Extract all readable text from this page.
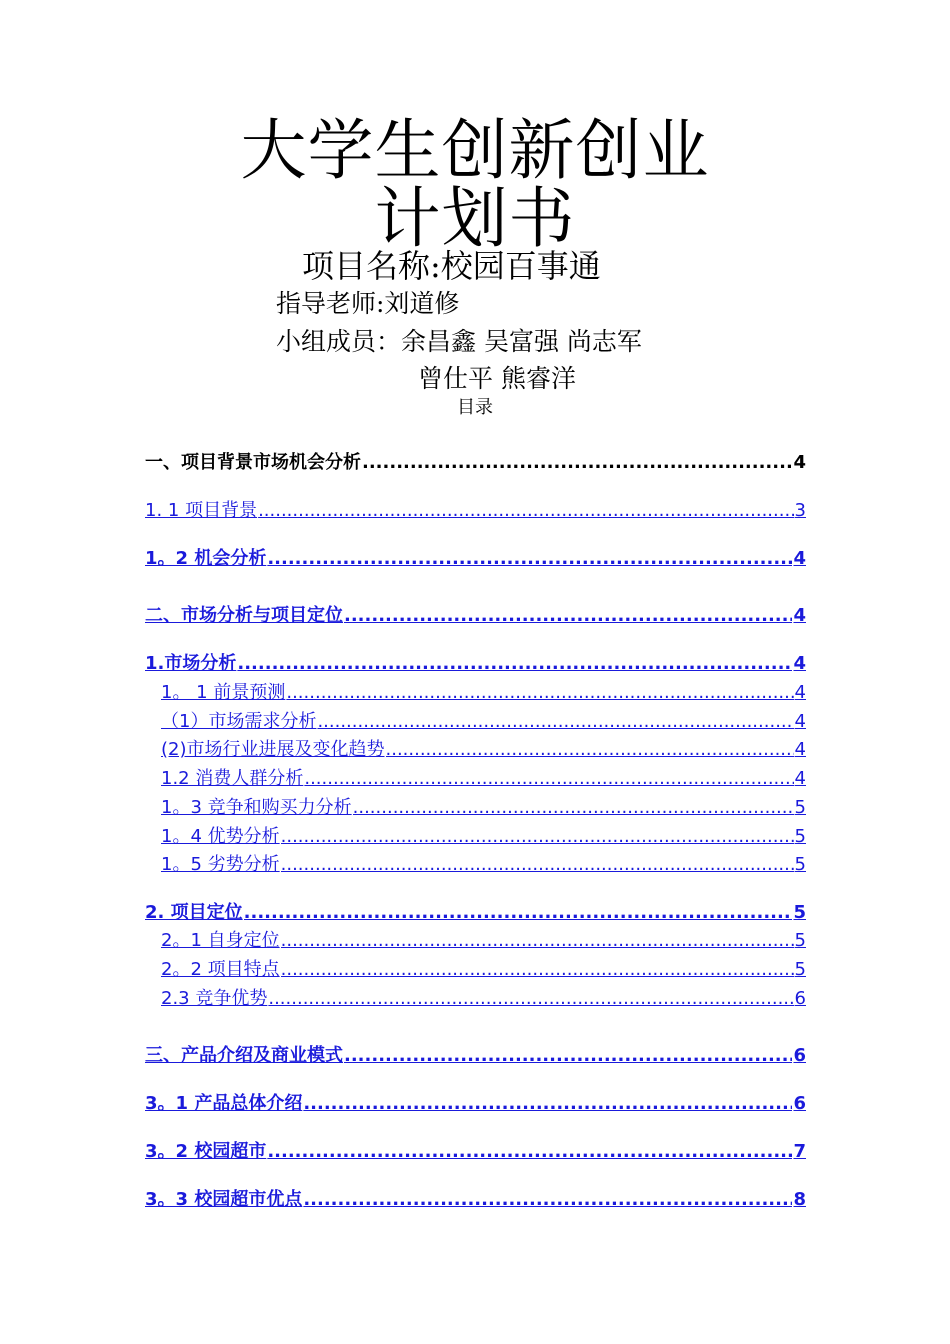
大学生创新创业
计划书
项目名称:校园百事通
指导老师:刘道修
小组成员：余昌鑫 吴富强 尚志军
曾仕平 熊睿洋
目录
一、项目背景市场机会分析 .....	4
1. 1 项目背景 .....	3
1。2 机会分析 .....	4
二、市场分析与项目定位 .....	4
1.市场分析 .....	4
1。 1 前景预测 .....	4
（1）市场需求分析 .....	4
(2)市场行业进展及变化趋势 .....	4
1.2 消费人群分析 .....	4
1。3 竞争和购买力分析 .....	5
1。4 优势分析 .....	5
1。5 劣势分析 .....	5
2. 项目定位 .....	5
2。1 自身定位 .....	5
2。2 项目特点 .....	5
2.3 竞争优势 .....	6
三、产品介绍及商业模式 .....	6
3。1 产品总体介绍 .....	6
3。2 校园超市 .....	7
3。3 校园超市优点 .....	8
